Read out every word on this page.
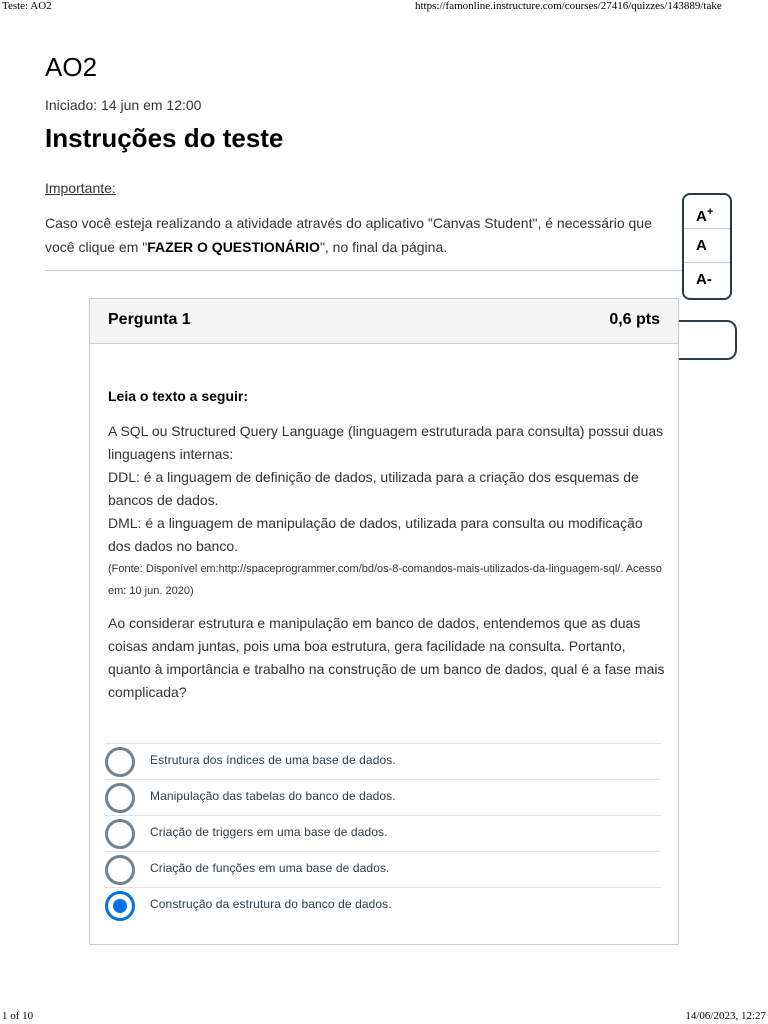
Teste: AO2	https://famonline.instructure.com/courses/27416/quizzes/143889/take
AO2
Iniciado: 14 jun em 12:00
Instruções do teste
Importante:
Caso você esteja realizando a atividade através do aplicativo "Canvas Student", é necessário que
você clique em "FAZER O QUESTIONÁRIO", no final da página.
A+
A
A-
Pergunta 1	0,6 pts

Leia o texto a seguir:

A SQL ou Structured Query Language (linguagem estruturada para consulta) possui duas linguagens internas:

DDL: é a linguagem de definição de dados, utilizada para a criação dos esquemas de bancos de dados.

DML: é a linguagem de manipulação de dados, utilizada para consulta ou modificação dos dados no banco.

(Fonte: Disponível em:http://spaceprogrammer.com/bd/os-8-comandos-mais-utilizados-da-linguagem-sql/. Acesso em: 10 jun. 2020)

Ao considerar estrutura e manipulação em banco de dados, entendemos que as duas coisas andam juntas, pois uma boa estrutura, gera facilidade na consulta. Portanto, quanto à importância e trabalho na construção de um banco de dados, qual é a fase mais complicada?

Estrutura dos índices de uma base de dados.
Manipulação das tabelas do banco de dados.
Criação de triggers em uma base de dados.
Criação de funções em uma base de dados.
Construção da estrutura do banco de dados.
1 of 10	14/06/2023, 12:27
